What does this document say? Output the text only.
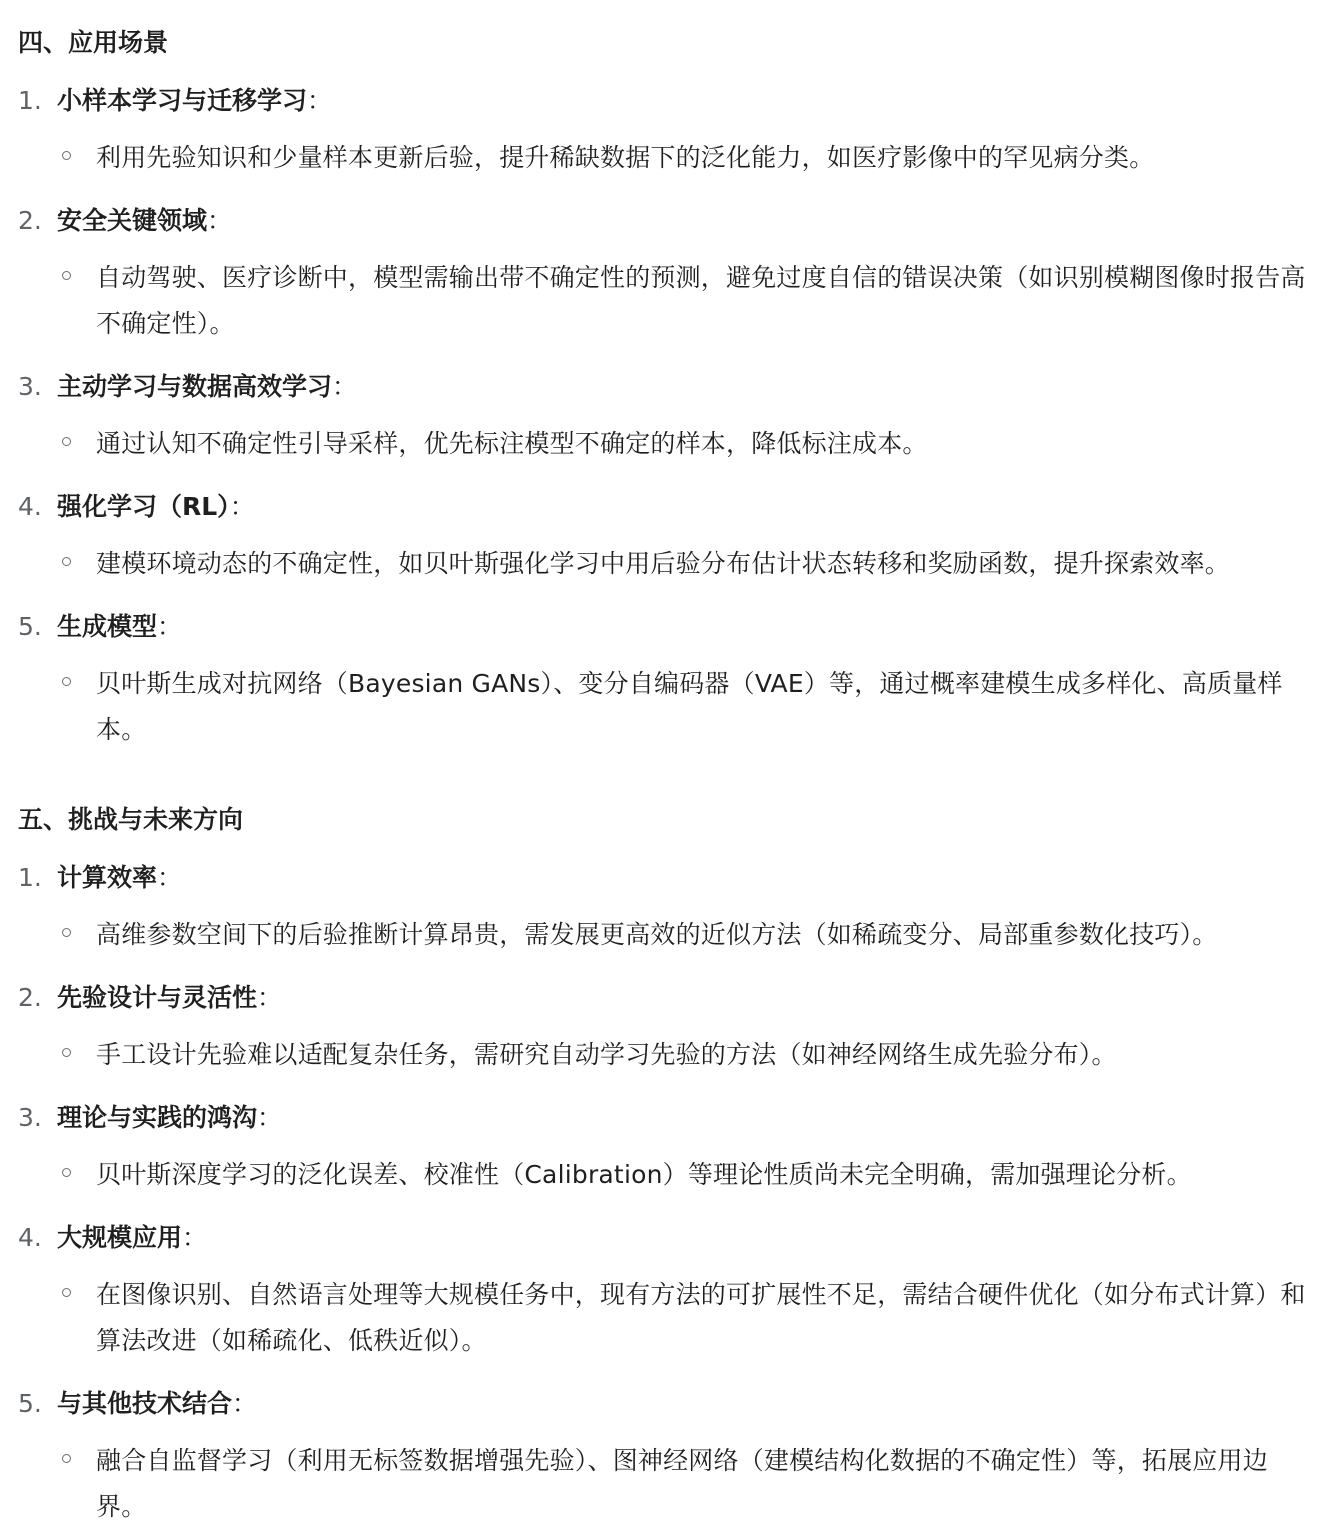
四、应用场景
1. 小样本学习与迁移学习：
利用先验知识和少量样本更新后验，提升稀缺数据下的泛化能力，如医疗影像中的罕见病分类。
2. 安全关键领域：
自动驾驶、医疗诊断中，模型需输出带不确定性的预测，避免过度自信的错误决策（如识别模糊图像时报告高不确定性）。
3. 主动学习与数据高效学习：
通过认知不确定性引导采样，优先标注模型不确定的样本，降低标注成本。
4. 强化学习（RL）：
建模环境动态的不确定性，如贝叶斯强化学习中用后验分布估计状态转移和奖励函数，提升探索效率。
5. 生成模型：
贝叶斯生成对抗网络（Bayesian GANs）、变分自编码器（VAE）等，通过概率建模生成多样化、高质量样本。
五、挑战与未来方向
1. 计算效率：
高维参数空间下的后验推断计算昂贵，需发展更高效的近似方法（如稀疏变分、局部重参数化技巧）。
2. 先验设计与灵活性：
手工设计先验难以适配复杂任务，需研究自动学习先验的方法（如神经网络生成先验分布）。
3. 理论与实践的鸿沟：
贝叶斯深度学习的泛化误差、校准性（Calibration）等理论性质尚未完全明确，需加强理论分析。
4. 大规模应用：
在图像识别、自然语言处理等大规模任务中，现有方法的可扩展性不足，需结合硬件优化（如分布式计算）和算法改进（如稀疏化、低秩近似）。
5. 与其他技术结合：
融合自监督学习（利用无标签数据增强先验）、图神经网络（建模结构化数据的不确定性）等，拓展应用边界。
